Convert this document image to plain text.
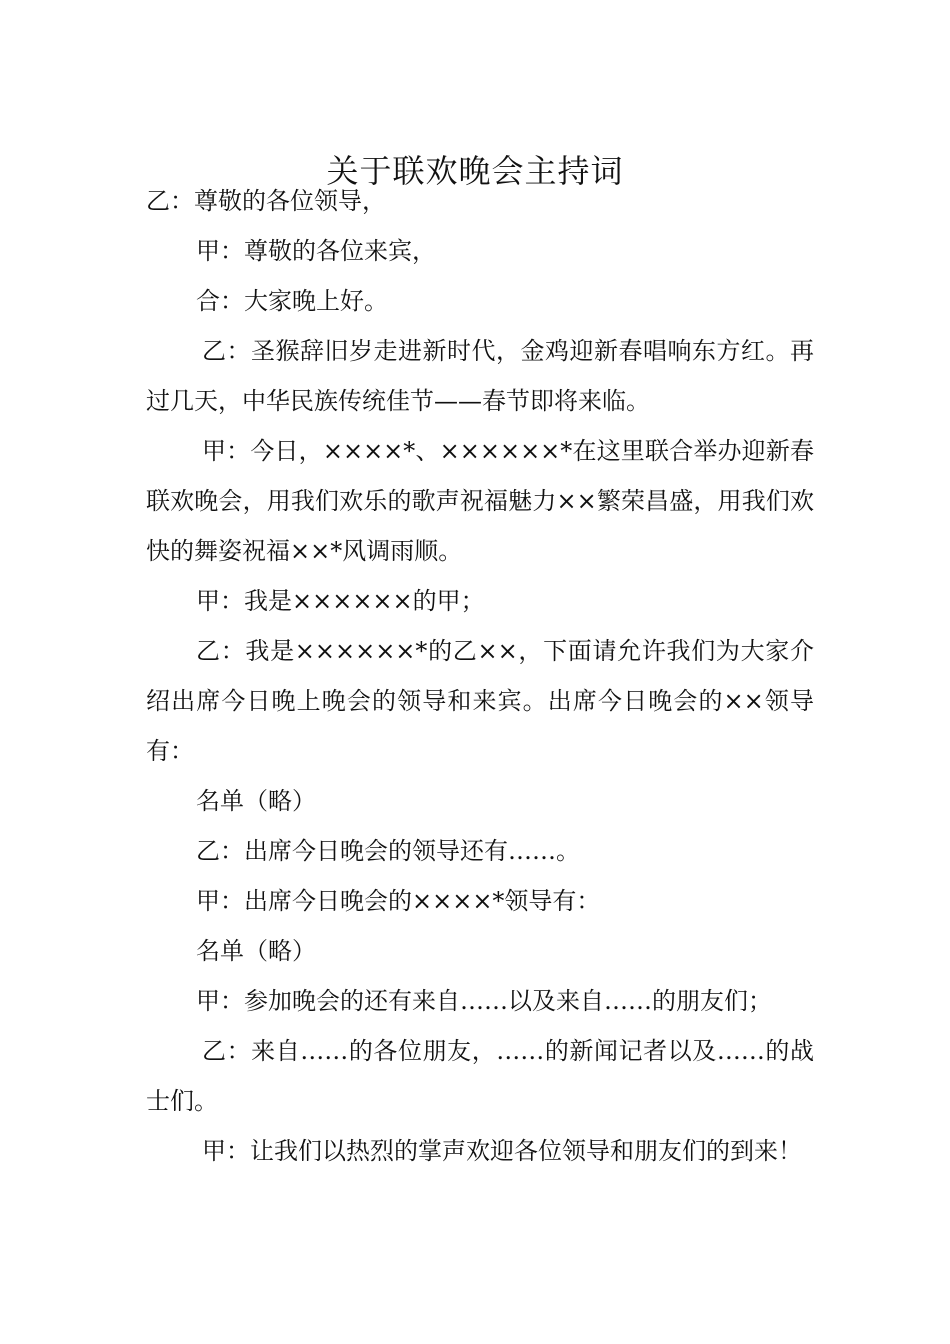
关于联欢晚会主持词

乙：尊敬的各位领导，

甲：尊敬的各位来宾，

合：大家晚上好。

乙：圣猴辞旧岁走进新时代，金鸡迎新春唱响东方红。再过几天，中华民族传统佳节——春节即将来临。

甲：今日，××××*、××××××*在这里联合举办迎新春联欢晚会，用我们欢乐的歌声祝福魅力××繁荣昌盛，用我们欢快的舞姿祝福××*风调雨顺。

甲：我是××××××的甲；

乙：我是××××××*的乙××，下面请允许我们为大家介绍出席今日晚上晚会的领导和来宾。出席今日晚会的××领导有：

名单（略）

乙：出席今日晚会的领导还有……。

甲：出席今日晚会的××××*领导有：

名单（略）

甲：参加晚会的还有来自……以及来自……的朋友们；

乙：来自……的各位朋友，……的新闻记者以及……的战士们。

甲：让我们以热烈的掌声欢迎各位领导和朋友们的到来！
